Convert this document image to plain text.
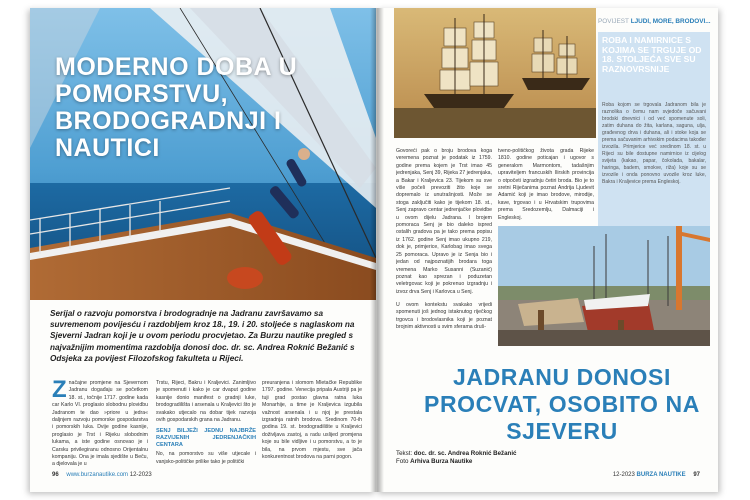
MODERNO DOBA U POMORSTVU, BRODOGRADNJI I NAUTICI

Serijal o razvoju pomorstva i brodogradnje na Jadranu završavamo sa suvremenom povijesću i razdobljem kroz 18., 19. i 20. stoljeće s naglaskom na Sjeverni Jadran koji je u ovom periodu procvjetao. Za Burzu nautike pregled s najvažnijim momentima razdoblja donosi doc. dr. sc. Andrea Roknić Bežanić s Odsjeka za povijest Filozofskog fakulteta u Rijeci.

Z načajne promjene na Sjevernom Jadranu događaju se početkom 18. st., točnije 1717. godine kada car Karlo VI. proglasio slobodnu plovidbu Jadranom te dao »priore u jedra« daljnjem razvoju pomorske gospodarstva i pomorskih luka. Dvije godine kasnije, proglasio je Trst i Rijeku slobodnim lukama, a iste godine osnovao je i Carsku privilegiranu odnosno Orijentalnu kompaniju. Ona je imala sjedište u Beču, a djelovala je u
Trstu, Rijeci, Bakru i Kraljevici. Zanimljivo je spomenuti i kako je car dvaput godine kasnije donio manifest o gradnji luke, brodogradilišta i arsenala u Kraljevici što je svakako utjecalo na dobar tijek razvoja ovih gospodarskih grana na Jadranu.
SENJ BILJEŽI JEDNU NAJBRŽE RAZVIJENIH JEDRENJAČKIH CENTARA
No, na pomorstvo su više utjecale i vanjsko-političke prilike tako je politički
preuranjena i slomom Mletačke Republike 1797. godine. Venecija pripala Austriji pa je tuji grad postao glavna ratna luka Monarhije, a time je Kraljevica izgubila važnost arsenala i u njoj je prestala izgradnja ratnih brodova. Sredinom 70-ih godina 19. st. brodogradilište u Kraljevici doživljava zastoj, a radu uslijed promjena koje su bile vidljive i u pomorstvu, a to je bila, na prvom mjestu, sve jača konkurentnost brodova na parni pogon.
96 www.burzanautike.com 12-2023
POVIJEST LJUDI, MORE, BRODOVI...
ROBA I NAMIRNICE S KOJIMA SE TRGUJE OD 18. STOLJEĆA SVE SU RAZNOVRSNIJE
Roba kojom se trgovala Jadranom bila je raznolika o čemu nam svjedoče sačuvani brodski dnevnici i od već spomenute soli, zatim duhana do žita, karlana, saguna, ulja, građevnog drva i duhana, ali i stoke koja se prema sačuvanim arhivskim podacima također izvozila. Primjerice već sredinom 18. st. u Rijeci su bile dostupne namirnice iz cijelog svijeta (kakao, papar, čokolada, bakalar, haringa, badem, smokve, riža) koje su se izvozile i onda ponovno uvozile kroz luke, Bakra i Kraljevice prema Engleskoj.
Govoreći pak o broju brodova koga veremena poznat je podatak iz 1759. godine prema kojem je Trst imao 45 jedrenjaka, Senj 39, Rijeka 27 jedrenjaka, a Bakar i Kraljevica 23. Tijekom su sve više počeli prevoziti žito koje se dopremalo iz unutrašnjosti. Može se stoga zaključiti kako je tijekom 18. st., Senj zapravo centar jedrenjačke plovidbe u ovom dijelu Jadrana. I brojem pomoraca Senj je bio daleko ispred ostalih gradova pa je tako prema popisu iz 1762. godine Senj imao ukupno 219, dok je, primjerice, Karlobag imao svega 25 pomoraca. Upravo je iz Senja bio i jedan od najpoznatijih brodara toga vremena Marko Susanni (Suzanić) poznat kao sprezan i poduzetan veletrgovac koji je pokrenuo izgradnju i izvoz drva Senj i Karlovca u Senj.
U ovom kontekstu svakako vrijedi spomenuti još jednog istaknutog riječkog trgovca i brodovlasnika koji je poznat brojnim aktivnosti u svim sferama druš-
tveno-političkog života grada Rijeke 1810. godine poticajan i ugovor s generalom Marmontom, tadašnjim upraviteljem francuskih Ilirskih provincija o otpočeti izgradnju četiri broda. Bio je to sretni Riječanima poznat Andrija Ljudevit Adamić koji je imao brodove, mirodije, kave, trgovao i u Hrvatskim trupovima prema Sredozemlju, Dalmaciji i Engleskoj.
JADRANU DONOSI PROCVAT, OSOBITO NA SJEVERU
Tekst: doc. dr. sc. Andrea Roknić Bežanić
Foto Arhiva Burza Nautike
12-2023 BURZA NAUTIKE 97
